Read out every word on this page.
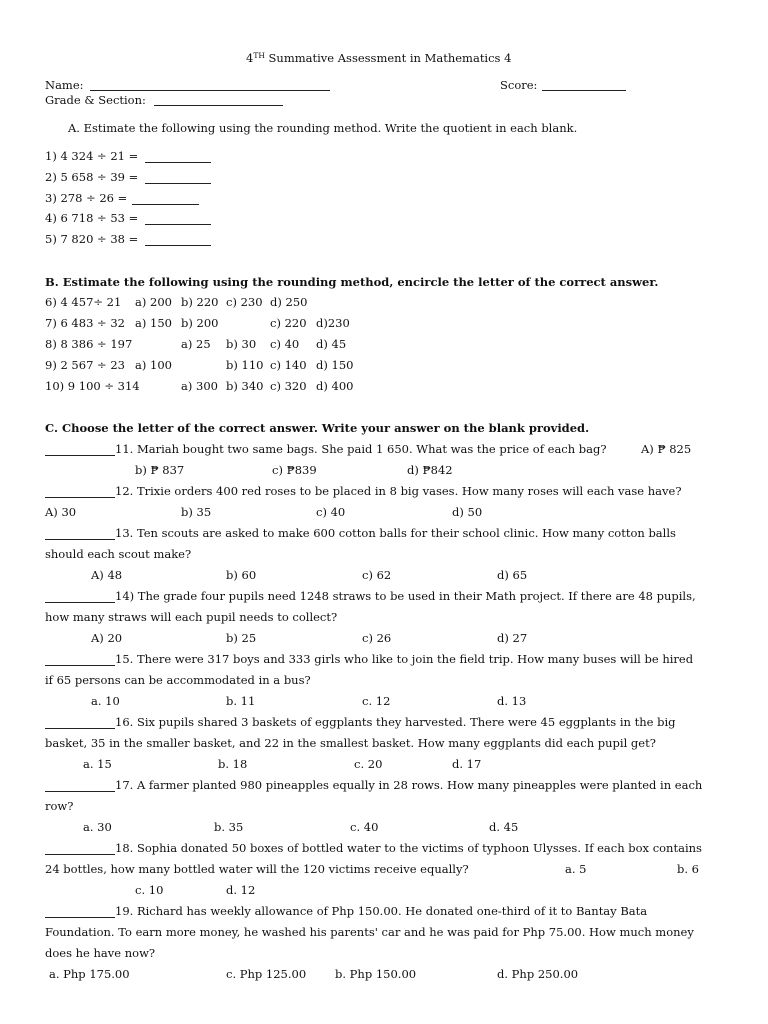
4TH Summative Assessment in Mathematics 4
Name:	Score:
Grade & Section:
A. Estimate the following using the rounding method. Write the quotient in each blank.
1) 4 324 ÷ 21 =
2) 5 658 ÷ 39 =
3) 278 ÷ 26 =
4) 6 718 ÷ 53 =
5) 7 820 ÷ 38 =
B. Estimate the following using the rounding method, encircle the letter of the correct answer.
6) 4 457÷ 21 a) 200 b) 220 c) 230 d) 250
7) 6 483 ÷ 32 a) 150 b) 200	c) 220 d)230
8) 8 386 ÷ 197	a) 25 b) 30 c) 40 d) 45
9) 2 567 ÷ 23 a) 100	b) 110 c) 140 d) 150
10) 9 100 ÷ 314	a) 300 b) 340 c) 320 d) 400
C. Choose the letter of the correct answer. Write your answer on the blank provided.
11. Mariah bought two same bags. She paid 1 650. What was the price of each bag?	A) ₱ 825
b) ₱ 837	c) ₱839	d) ₱842
12. Trixie orders 400 red roses to be placed in 8 big vases. How many roses will each vase have?
A) 30	b) 35	c) 40	d) 50
13. Ten scouts are asked to make 600 cotton balls for their school clinic. How many cotton balls
should each scout make?
A) 48	b) 60	c) 62	d) 65
14) The grade four pupils need 1248 straws to be used in their Math project. If there are 48 pupils,
how many straws will each pupil needs to collect?
A) 20	b) 25	c) 26	d) 27
15. There were 317 boys and 333 girls who like to join the field trip. How many buses will be hired
if 65 persons can be accommodated in a bus?
a. 10	b. 11	c. 12	d. 13
16. Six pupils shared 3 baskets of eggplants they harvested. There were 45 eggplants in the big
basket, 35 in the smaller basket, and 22 in the smallest basket. How many eggplants did each pupil get?
a. 15	b. 18	c. 20	d. 17
17. A farmer planted 980 pineapples equally in 28 rows. How many pineapples were planted in each
row?
a. 30	b. 35	c. 40	d. 45
18. Sophia donated 50 boxes of bottled water to the victims of typhoon Ulysses. If each box contains
24 bottles, how many bottled water will the 120 victims receive equally?	a. 5	b. 6
c. 10	d. 12
19. Richard has weekly allowance of Php 150.00. He donated one-third of it to Bantay Bata
Foundation. To earn more money, he washed his parents' car and he was paid for Php 75.00. How much money
does he have now?
a. Php 175.00	c. Php 125.00	b. Php 150.00	d. Php 250.00
